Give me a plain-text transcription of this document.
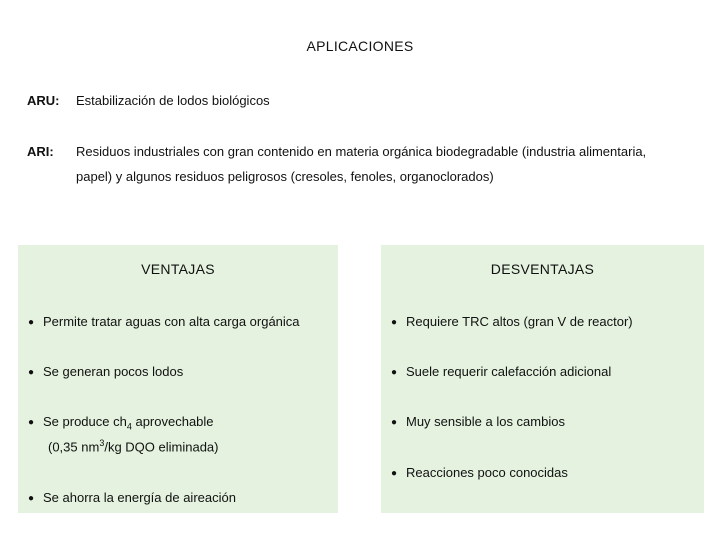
APLICACIONES
ARU: Estabilización de lodos biológicos
ARI: Residuos industriales con gran contenido en materia orgánica biodegradable (industria alimentaria,
papel) y algunos residuos peligrosos (cresoles, fenoles, organoclorados)
VENTAJAS	DESVENTAJAS
● Permite tratar aguas con alta carga orgánica
● Se generan pocos lodos
● Se produce $ch_4$ aprovechable
(0,35 $nm^3/kg$ DQO eliminada)
● Se ahorra la energía de aireación
● Requiere TRC altos (gran V de reactor)
● Suele requerir calefacción adicional
● Muy sensible a los cambios
● Reacciones poco conocidas
